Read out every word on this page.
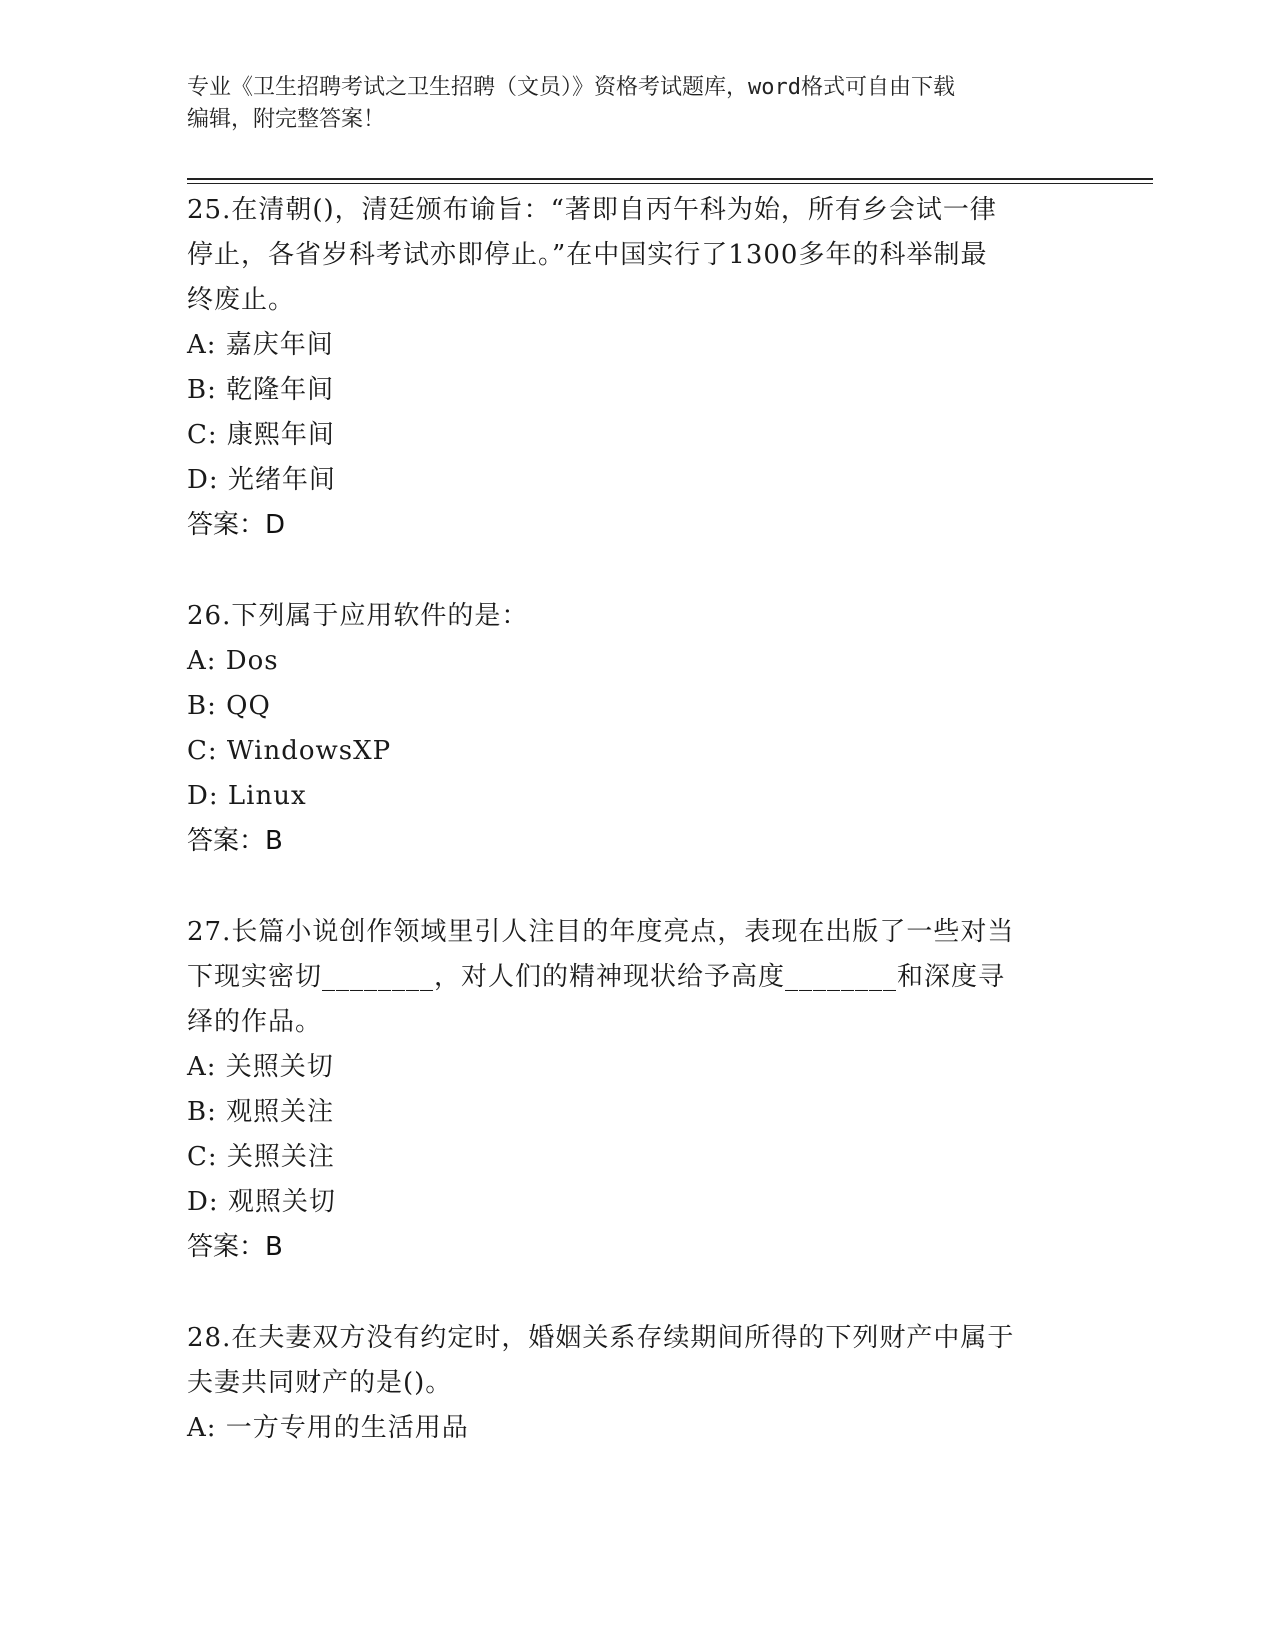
专业《卫生招聘考试之卫生招聘（文员）》资格考试题库，word格式可自由下载
编辑，附完整答案！

25.在清朝()，清廷颁布谕旨：“著即自丙午科为始，所有乡会试一律

停止，各省岁科考试亦即停止。”在中国实行了1300多年的科举制最

终废止。

A: 嘉庆年间

B: 乾隆年间

C: 康熙年间

D: 光绪年间

答案：D

26.下列属于应用软件的是：

A: Dos

B: QQ

C: WindowsXP

D: Linux

答案：B

27.长篇小说创作领域里引人注目的年度亮点，表现在出版了一些对当

下现实密切________，对人们的精神现状给予高度________和深度寻

绎的作品。

A: 关照关切

B: 观照关注

C: 关照关注

D: 观照关切

答案：B

28.在夫妻双方没有约定时，婚姻关系存续期间所得的下列财产中属于

夫妻共同财产的是()。

A: 一方专用的生活用品
